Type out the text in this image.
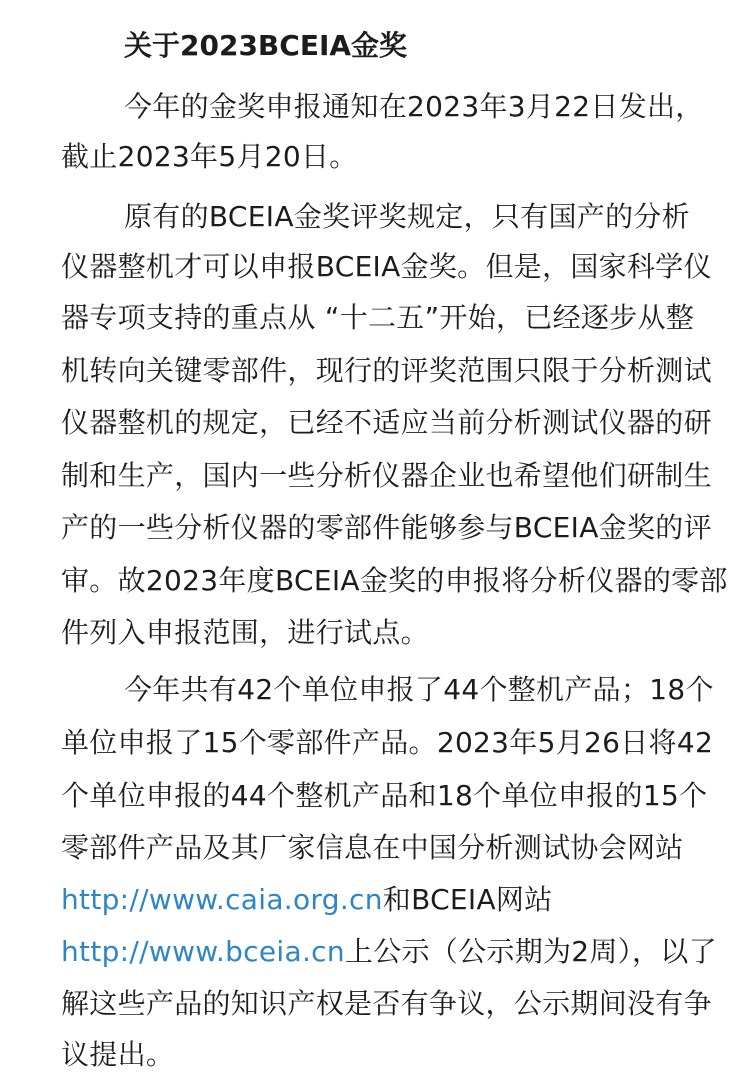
关于2023BCEIA金奖
今年的金奖申报通知在2023年3月22日发出，
截止2023年5月20日。
原有的BCEIA金奖评奖规定，只有国产的分析
仪器整机才可以申报BCEIA金奖。但是，国家科学仪
器专项支持的重点从 “十二五”开始，已经逐步从整
机转向关键零部件，现行的评奖范围只限于分析测试
仪器整机的规定，已经不适应当前分析测试仪器的研
制和生产，国内一些分析仪器企业也希望他们研制生
产的一些分析仪器的零部件能够参与BCEIA金奖的评
审。故2023年度BCEIA金奖的申报将分析仪器的零部
件列入申报范围，进行试点。
今年共有42个单位申报了44个整机产品；18个
单位申报了15个零部件产品。2023年5月26日将42
个单位申报的44个整机产品和18个单位申报的15个
零部件产品及其厂家信息在中国分析测试协会网站
http://www.caia.org.cn和BCEIA网站
http://www.bceia.cn上公示（公示期为2周），以了
解这些产品的知识产权是否有争议，公示期间没有争
议提出。
